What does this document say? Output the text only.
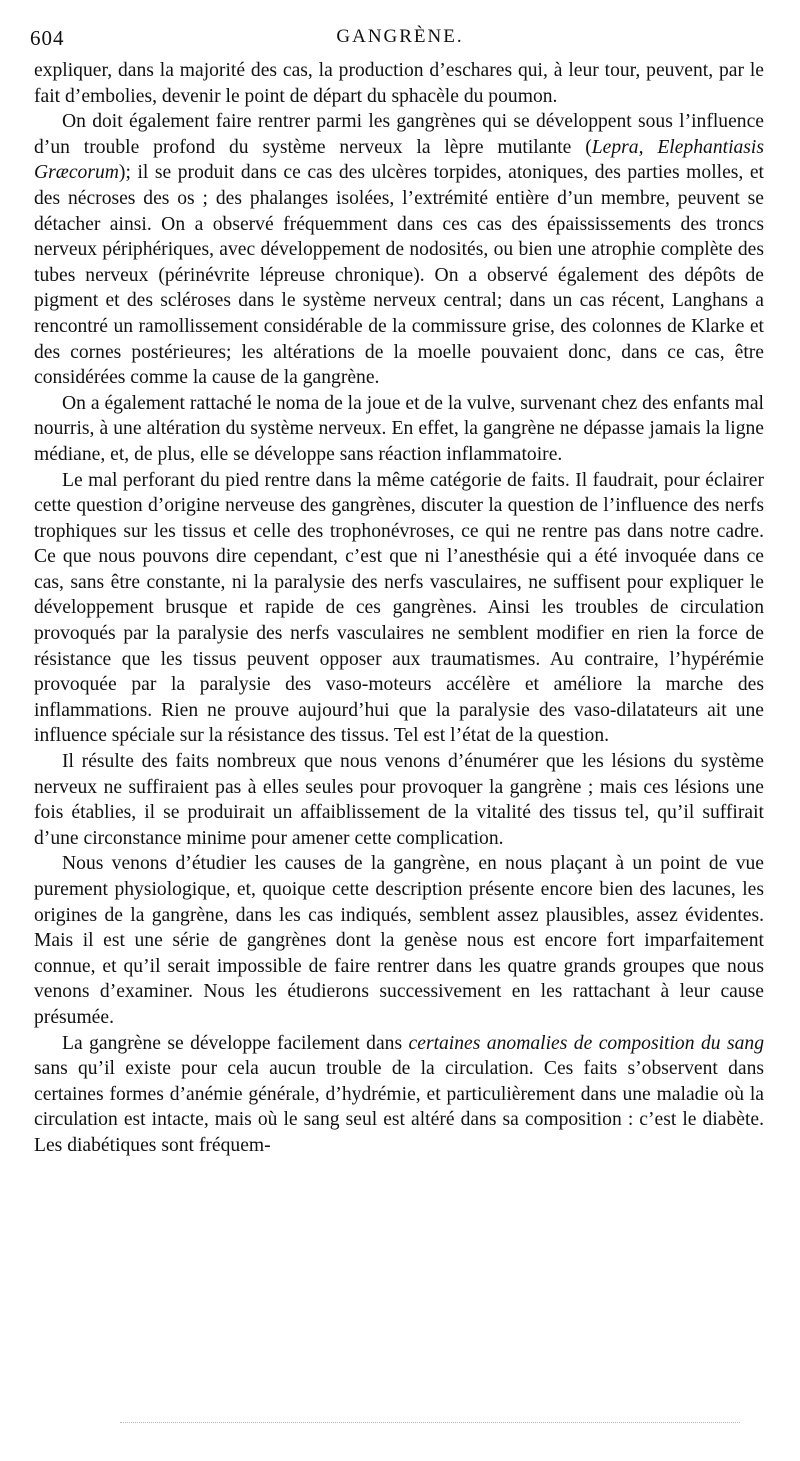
604	GANGRÈNE.

expliquer, dans la majorité des cas, la production d’eschares qui, à leur tour, peuvent, par le fait d’embolies, devenir le point de départ du sphacèle du poumon.

On doit également faire rentrer parmi les gangrènes qui se développent sous l’influence d’un trouble profond du système nerveux la lèpre mutilante (Lepra, Elephantiasis Græcorum); il se produit dans ce cas des ulcères torpides, atoniques, des parties molles, et des nécroses des os ; des phalanges isolées, l’extrémité entière d’un membre, peuvent se détacher ainsi. On a observé fréquemment dans ces cas des épaississements des troncs nerveux périphériques, avec développement de nodosités, ou bien une atrophie complète des tubes nerveux (périnévrite lépreuse chronique). On a observé également des dépôts de pigment et des scléroses dans le système nerveux central; dans un cas récent, Langhans a rencontré un ramollissement considérable de la commissure grise, des colonnes de Klarke et des cornes postérieures; les altérations de la moelle pouvaient donc, dans ce cas, être considérées comme la cause de la gangrène.

On a également rattaché le noma de la joue et de la vulve, survenant chez des enfants mal nourris, à une altération du système nerveux. En effet, la gangrène ne dépasse jamais la ligne médiane, et, de plus, elle se développe sans réaction inflammatoire.

Le mal perforant du pied rentre dans la même catégorie de faits. Il faudrait, pour éclairer cette question d’origine nerveuse des gangrènes, discuter la question de l’influence des nerfs trophiques sur les tissus et celle des trophonévroses, ce qui ne rentre pas dans notre cadre. Ce que nous pouvons dire cependant, c’est que ni l’anesthésie qui a été invoquée dans ce cas, sans être constante, ni la paralysie des nerfs vasculaires, ne suffisent pour expliquer le développement brusque et rapide de ces gangrènes. Ainsi les troubles de circulation provoqués par la paralysie des nerfs vasculaires ne semblent modifier en rien la force de résistance que les tissus peuvent opposer aux traumatismes. Au contraire, l’hypérémie provoquée par la paralysie des vaso-moteurs accélère et améliore la marche des inflammations. Rien ne prouve aujourd’hui que la paralysie des vaso-dilatateurs ait une influence spéciale sur la résistance des tissus. Tel est l’état de la question.

Il résulte des faits nombreux que nous venons d’énumérer que les lésions du système nerveux ne suffiraient pas à elles seules pour provoquer la gangrène ; mais ces lésions une fois établies, il se produirait un affaiblissement de la vitalité des tissus tel, qu’il suffirait d’une circonstance minime pour amener cette complication.

Nous venons d’étudier les causes de la gangrène, en nous plaçant à un point de vue purement physiologique, et, quoique cette description présente encore bien des lacunes, les origines de la gangrène, dans les cas indiqués, semblent assez plausibles, assez évidentes. Mais il est une série de gangrènes dont la genèse nous est encore fort imparfaitement connue, et qu’il serait impossible de faire rentrer dans les quatre grands groupes que nous venons d’examiner. Nous les étudierons successivement en les rattachant à leur cause présumée.

La gangrène se développe facilement dans certaines anomalies de composition du sang sans qu’il existe pour cela aucun trouble de la circulation. Ces faits s’observent dans certaines formes d’anémie générale, d’hydrémie, et particulièrement dans une maladie où la circulation est intacte, mais où le sang seul est altéré dans sa composition : c’est le diabète. Les diabétiques sont fréquem-
